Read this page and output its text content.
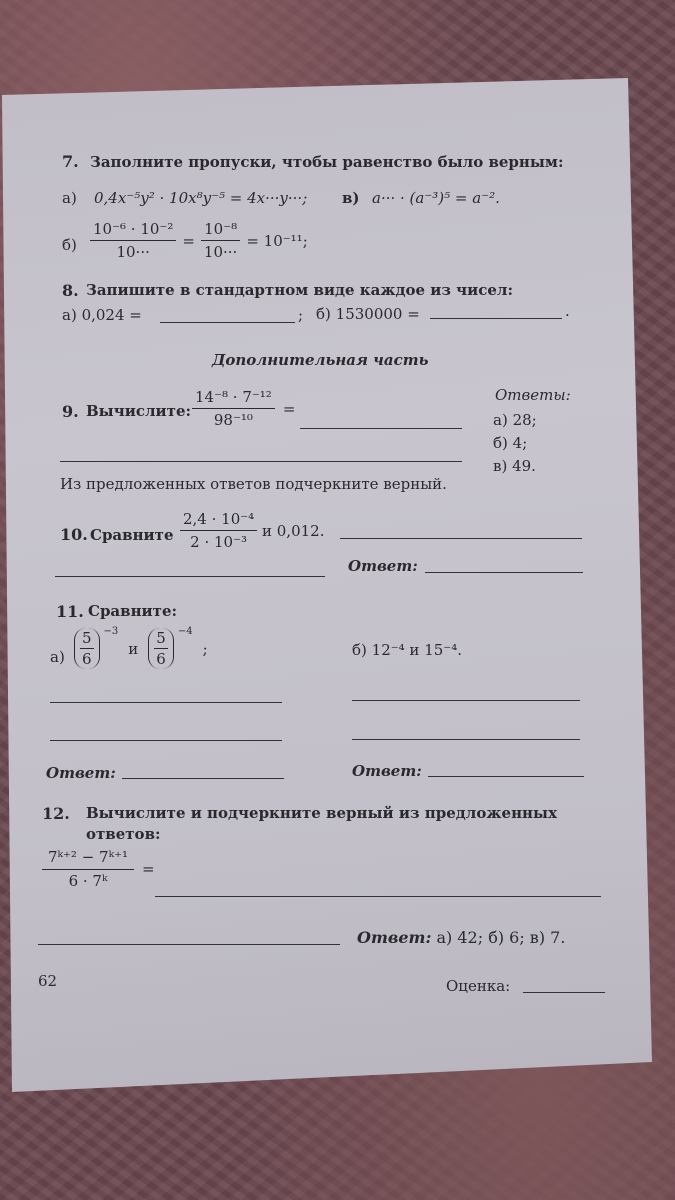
7. Заполните пропуски, чтобы равенство было верным:
а) 0,4x⁻⁵y² · 10x⁸y⁻⁵ = 4x···y···; в) a··· · (a⁻³)⁵ = a⁻².
$б) \frac{\text{10⁻⁶ · 10⁻²}}{10\cdot\cdot\cdot} = \frac{\text{10⁻⁸}}{10\cdot\cdot\cdot} = 10^{-11}$;
8. Запишите в стандартном виде каждое из чисел:
а) 0,024 =	; б) 1530000 =	.
Дополнительная часть
9. Вычислите: $\frac{\text{14⁻⁸ · 7⁻¹²}}{\text{98⁻¹⁰}}$ =
Ответы:
а) 28;
б) 4;
в) 49.
Из предложенных ответов подчеркните верный.
10. Сравните $\frac{\text{2,4 · 10⁻⁴}}{\text{2 · 10⁻³}}$ и 0,012.
Ответ:
11. Сравните:
$а) \frac{5}{6} -3$
и $\frac{5}{6} -4$
;	б) 12⁻⁴ и 15⁻⁴.
Ответ:	Ответ:
12. Вычислите и подчеркните верный из предложенных
ответов:
$\frac{\text{7ᵏ⁺² − 7ᵏ⁺¹}}{\text{6 · 7ᵏ}}$ =
Ответ: а) 42; б) 6; в) 7.
62	Оценка:
